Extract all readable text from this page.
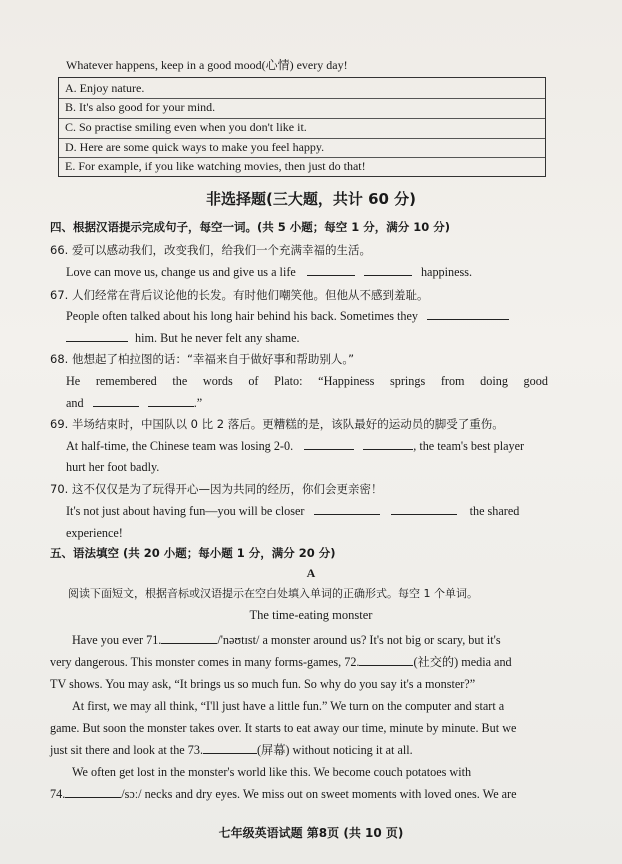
Whatever happens, keep in a good mood(心情) every day!
A. Enjoy nature.
B. It's also good for your mind.
C. So practise smiling even when you don't like it.
D. Here are some quick ways to make you feel happy.
E. For example, if you like watching movies, then just do that!
非选择题(三大题，共计 60 分)
四、根据汉语提示完成句子，每空一词。(共 5 小题；每空 1 分，满分 10 分)
66. 爱可以感动我们，改变我们，给我们一个充满幸福的生活。
Love can move us, change us and give us a life	happiness.
67. 人们经常在背后议论他的长发。有时他们嘲笑他。但他从不感到羞耻。
People often talked about his long hair behind his back. Sometimes they
him. But he never felt any shame.
68. 他想起了柏拉图的话：“幸福来自于做好事和帮助别人。”
He remembered the words of Plato: “Happiness springs from doing good
and	.”
69. 半场结束时，中国队以 0 比 2 落后。更糟糕的是，该队最好的运动员的脚受了重伤。
At half-time, the Chinese team was losing 2-0.	, the team's best player
hurt her foot badly.
70. 这不仅仅是为了玩得开心—因为共同的经历，你们会更亲密！
It's not just about having fun—you will be closer	the shared
experience!
五、语法填空 (共 20 小题；每小题 1 分，满分 20 分)
A
阅读下面短文，根据音标或汉语提示在空白处填入单词的正确形式。每空 1 个单词。
The time-eating monster
Have you ever 71.	/'nəʊtɪst/ a monster around us? It's not big or scary, but it's
very dangerous. This monster comes in many forms-games, 72.	(社交的) media and
TV shows. You may ask, “It brings us so much fun. So why do you say it's a monster?”
At first, we may all think, “I'll just have a little fun.” We turn on the computer and start a
game. But soon the monster takes over. It starts to eat away our time, minute by minute. But we
just sit there and look at the 73.	(屏幕) without noticing it at all.
We often get lost in the monster's world like this. We become couch potatoes with
74.	/sɔː/ necks and dry eyes. We miss out on sweet moments with loved ones. We are
七年级英语试题 第8页 (共 10 页)
